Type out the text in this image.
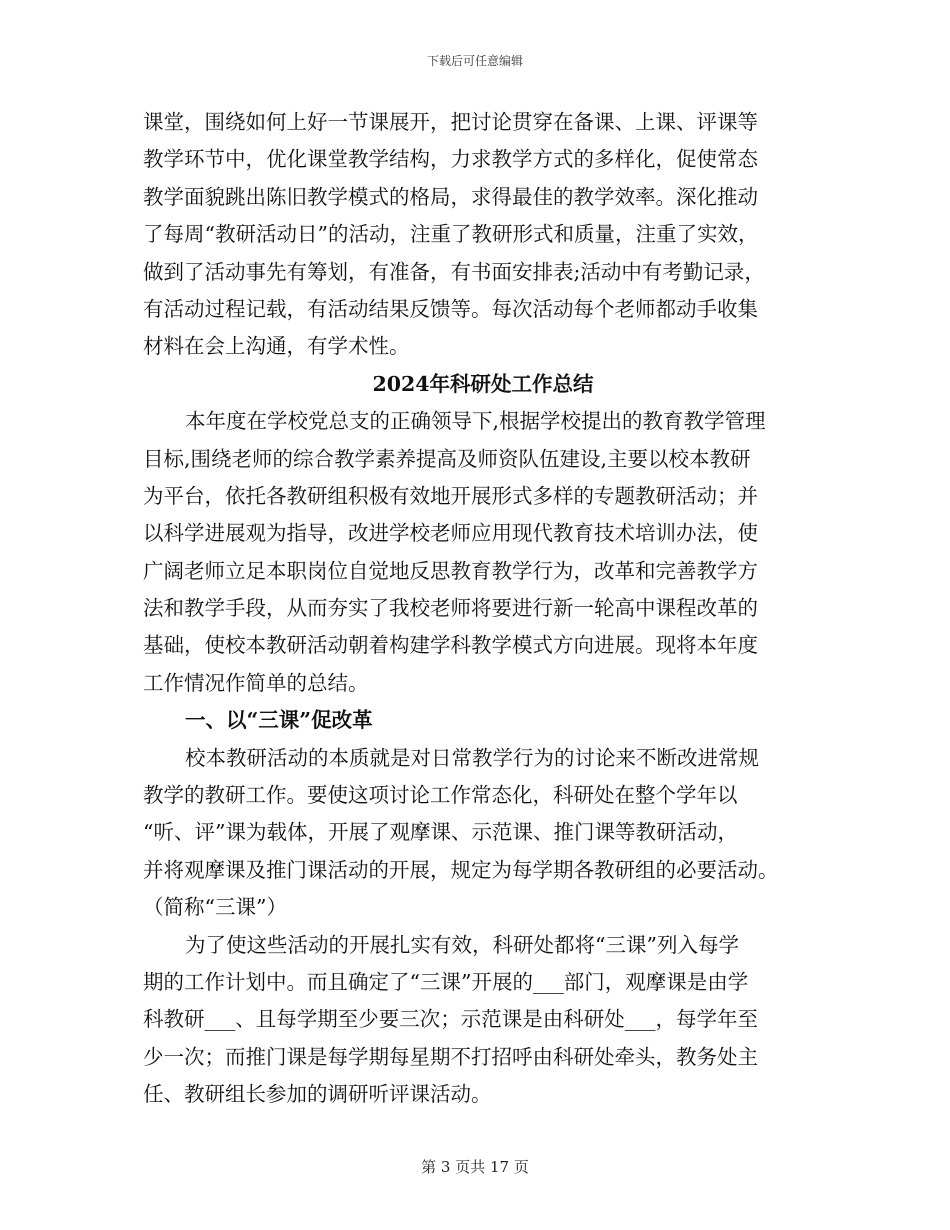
下载后可任意编辑
课堂，围绕如何上好一节课展开，把讨论贯穿在备课、上课、评课等
教学环节中，优化课堂教学结构，力求教学方式的多样化，促使常态
教学面貌跳出陈旧教学模式的格局，求得最佳的教学效率。深化推动
了每周“教研活动日”的活动，注重了教研形式和质量，注重了实效，
做到了活动事先有筹划，有准备，有书面安排表;活动中有考勤记录，
有活动过程记载，有活动结果反馈等。每次活动每个老师都动手收集
材料在会上沟通，有学术性。
2024年科研处工作总结
本年度在学校党总支的正确领导下,根据学校提出的教育教学管理
目标,围绕老师的综合教学素养提高及师资队伍建设,主要以校本教研
为平台，依托各教研组积极有效地开展形式多样的专题教研活动；并
以科学进展观为指导，改进学校老师应用现代教育技术培训办法，使
广阔老师立足本职岗位自觉地反思教育教学行为，改革和完善教学方
法和教学手段，从而夯实了我校老师将要进行新一轮高中课程改革的
基础，使校本教研活动朝着构建学科教学模式方向进展。现将本年度
工作情况作简单的总结。
一、以“三课”促改革
校本教研活动的本质就是对日常教学行为的讨论来不断改进常规
教学的教研工作。要使这项讨论工作常态化，科研处在整个学年以
“听、评”课为载体，开展了观摩课、示范课、推门课等教研活动，
并将观摩课及推门课活动的开展，规定为每学期各教研组的必要活动。
（简称“三课”）
为了使这些活动的开展扎实有效，科研处都将“三课”列入每学
期的工作计划中。而且确定了“三课”开展的___部门，观摩课是由学
科教研___、且每学期至少要三次；示范课是由科研处___，每学年至
少一次；而推门课是每学期每星期不打招呼由科研处牵头，教务处主
任、教研组长参加的调研听评课活动。
第 3 页共 17 页
